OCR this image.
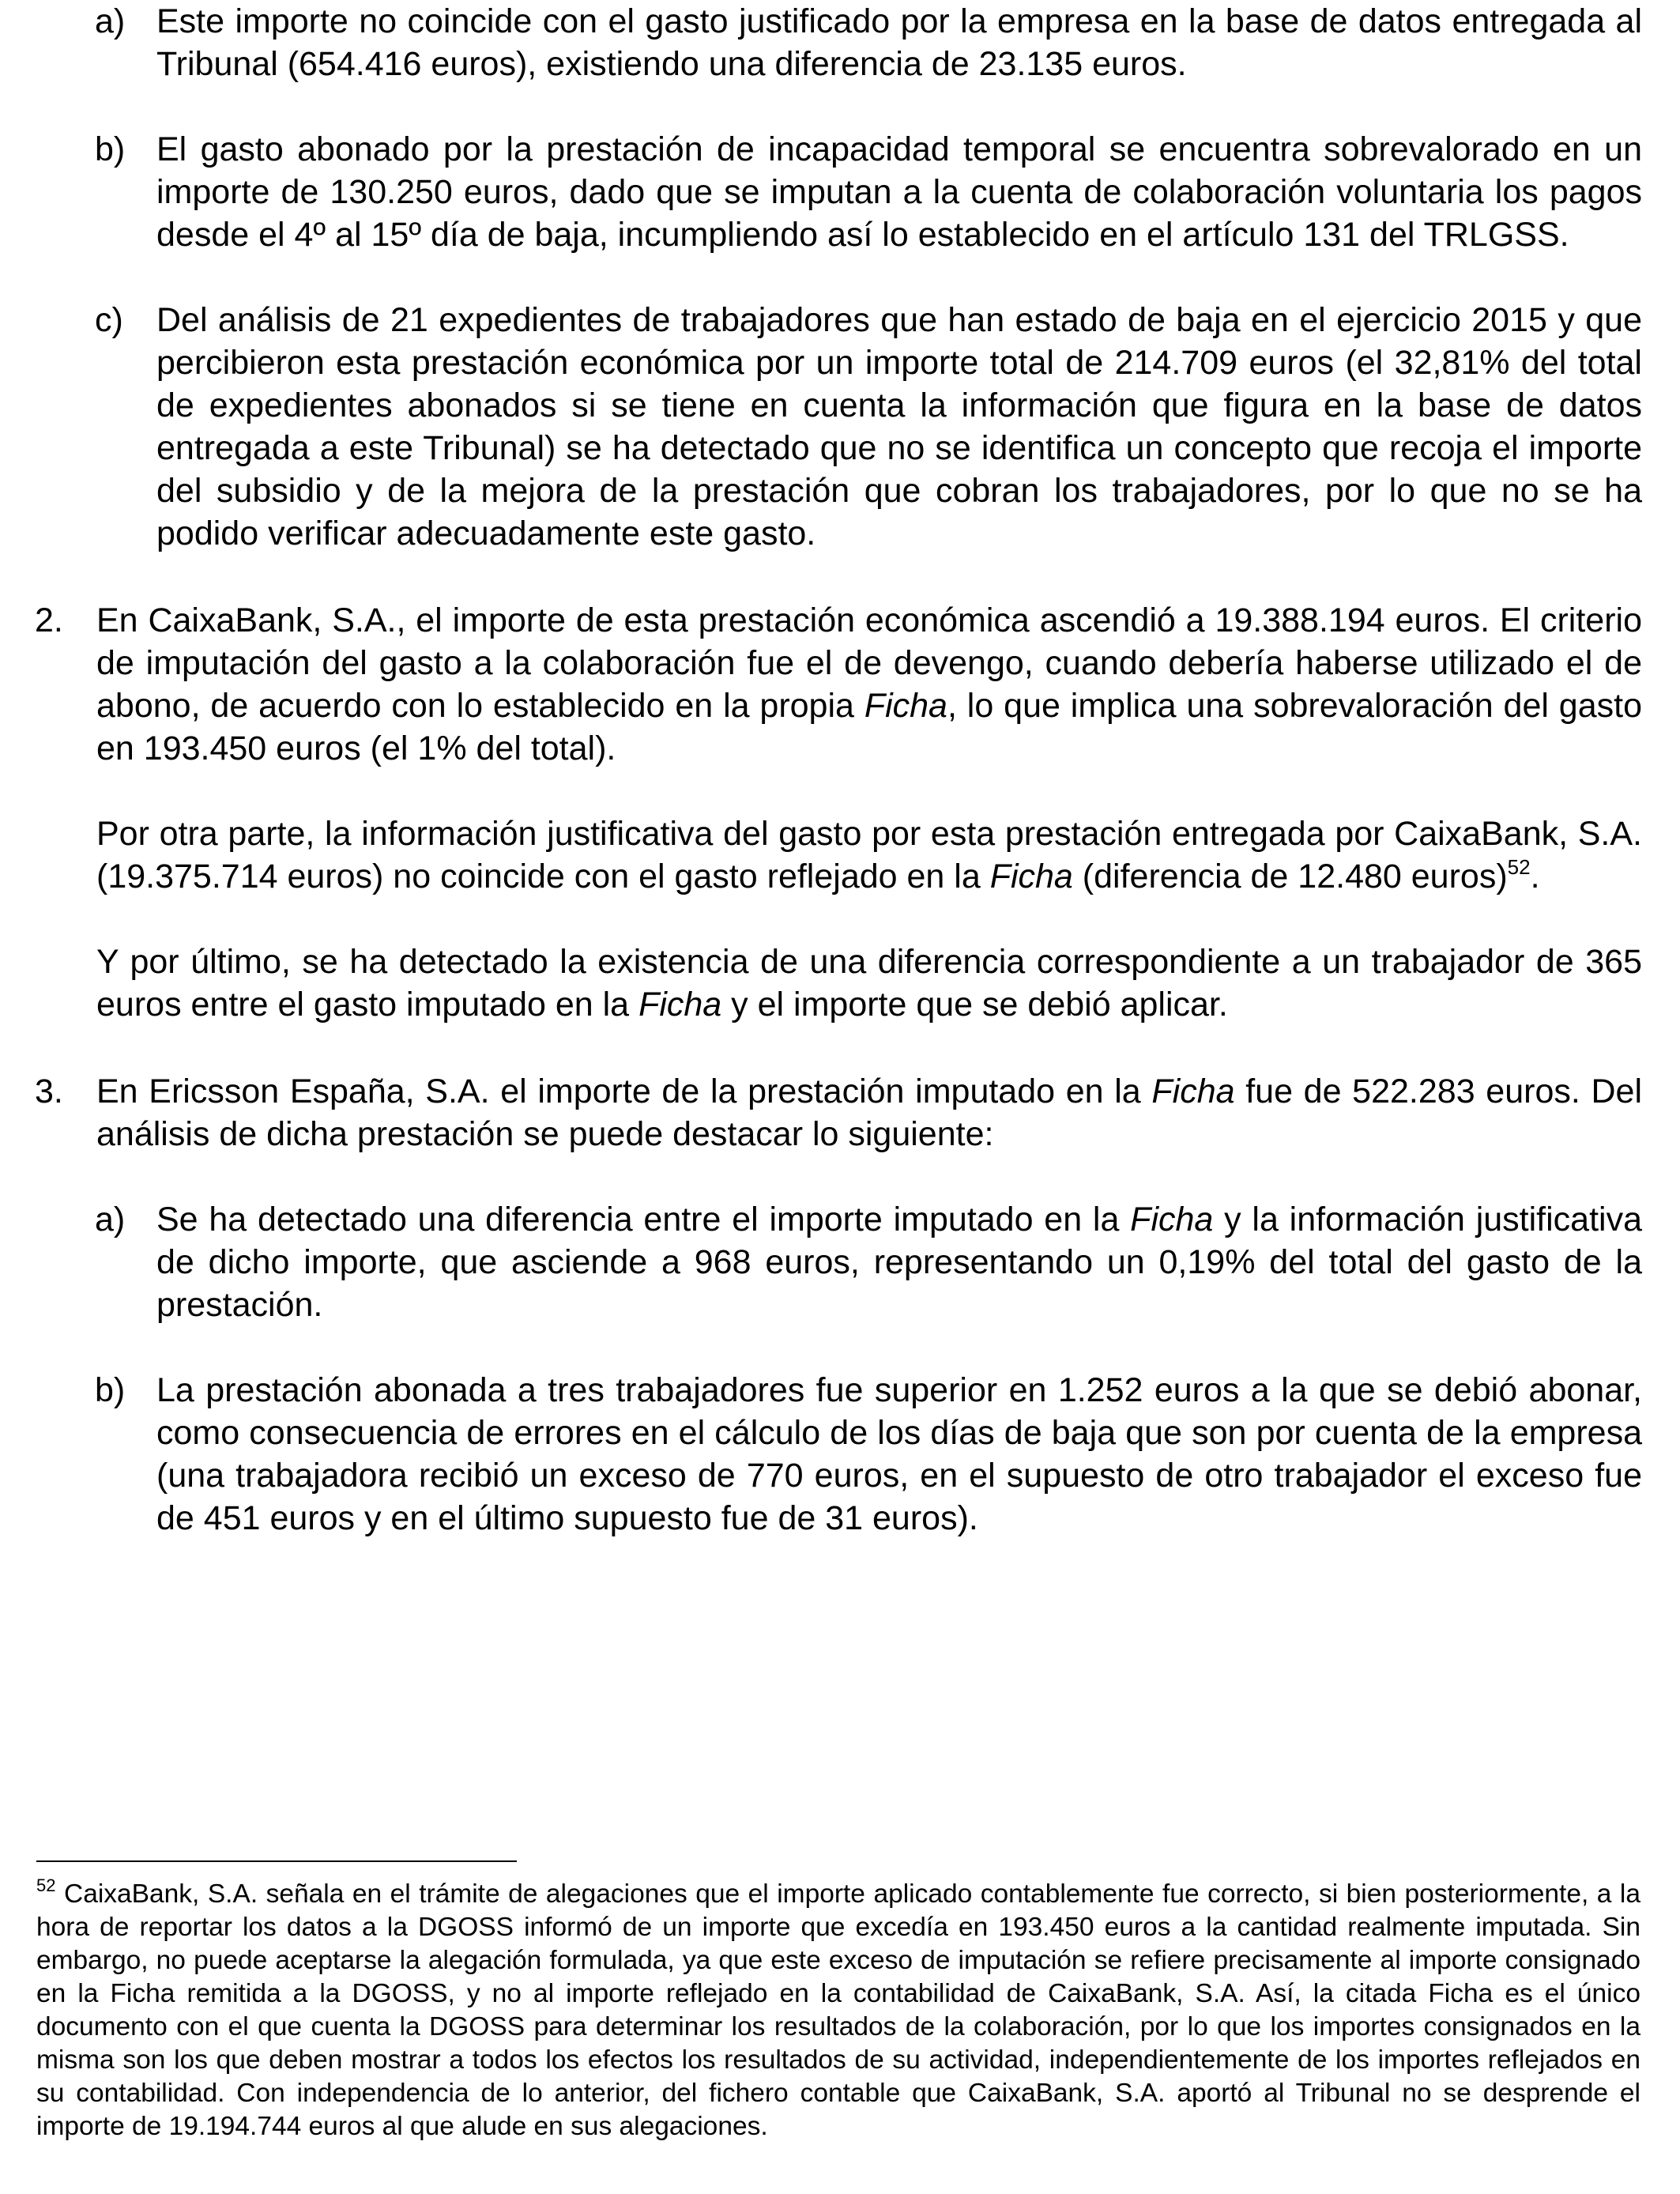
a) Este importe no coincide con el gasto justificado por la empresa en la base de datos entregada al Tribunal (654.416 euros), existiendo una diferencia de 23.135 euros.
b) El gasto abonado por la prestación de incapacidad temporal se encuentra sobrevalorado en un importe de 130.250 euros, dado que se imputan a la cuenta de colaboración voluntaria los pagos desde el 4º al 15º día de baja, incumpliendo así lo establecido en el artículo 131 del TRLGSS.
c) Del análisis de 21 expedientes de trabajadores que han estado de baja en el ejercicio 2015 y que percibieron esta prestación económica por un importe total de 214.709 euros (el 32,81% del total de expedientes abonados si se tiene en cuenta la información que figura en la base de datos entregada a este Tribunal) se ha detectado que no se identifica un concepto que recoja el importe del subsidio y de la mejora de la prestación que cobran los trabajadores, por lo que no se ha podido verificar adecuadamente este gasto.
2. En CaixaBank, S.A., el importe de esta prestación económica ascendió a 19.388.194 euros. El criterio de imputación del gasto a la colaboración fue el de devengo, cuando debería haberse utilizado el de abono, de acuerdo con lo establecido en la propia Ficha, lo que implica una sobrevaloración del gasto en 193.450 euros (el 1% del total).

Por otra parte, la información justificativa del gasto por esta prestación entregada por CaixaBank, S.A. (19.375.714 euros) no coincide con el gasto reflejado en la Ficha (diferencia de 12.480 euros)$^{52}$.

Y por último, se ha detectado la existencia de una diferencia correspondiente a un trabajador de 365 euros entre el gasto imputado en la Ficha y el importe que se debió aplicar.

3. En Ericsson España, S.A. el importe de la prestación imputado en la Ficha fue de 522.283 euros. Del análisis de dicha prestación se puede destacar lo siguiente:

a) Se ha detectado una diferencia entre el importe imputado en la Ficha y la información justificativa de dicho importe, que asciende a 968 euros, representando un 0,19% del total del gasto de la prestación.

b) La prestación abonada a tres trabajadores fue superior en 1.252 euros a la que se debió abonar, como consecuencia de errores en el cálculo de los días de baja que son por cuenta de la empresa (una trabajadora recibió un exceso de 770 euros, en el supuesto de otro trabajador el exceso fue de 451 euros y en el último supuesto fue de 31 euros).
$^{52}$ CaixaBank, S.A. señala en el trámite de alegaciones que el importe aplicado contablemente fue correcto, si bien posteriormente, a la hora de reportar los datos a la DGOSS informó de un importe que excedía en 193.450 euros a la cantidad realmente imputada. Sin embargo, no puede aceptarse la alegación formulada, ya que este exceso de imputación se refiere precisamente al importe consignado en la Ficha remitida a la DGOSS, y no al importe reflejado en la contabilidad de CaixaBank, S.A. Así, la citada Ficha es el único documento con el que cuenta la DGOSS para determinar los resultados de la colaboración, por lo que los importes consignados en la misma son los que deben mostrar a todos los efectos los resultados de su actividad, independientemente de los importes reflejados en su contabilidad. Con independencia de lo anterior, del fichero contable que CaixaBank, S.A. aportó al Tribunal no se desprende el importe de 19.194.744 euros al que alude en sus alegaciones.
